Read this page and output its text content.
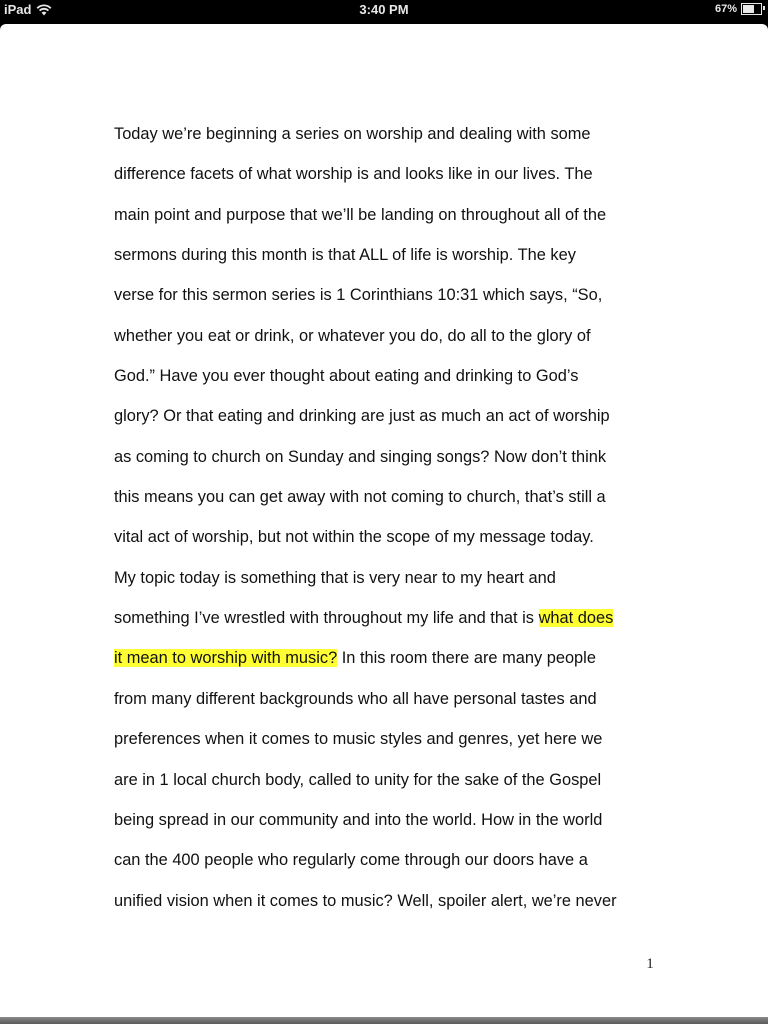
iPad	3:40 PM	67%
Today we’re beginning a series on worship and dealing with some
difference facets of what worship is and looks like in our lives. The
main point and purpose that we’ll be landing on throughout all of the
sermons during this month is that ALL of life is worship. The key
verse for this sermon series is 1 Corinthians 10:31 which says, “So,
whether you eat or drink, or whatever you do, do all to the glory of
God.” Have you ever thought about eating and drinking to God’s
glory? Or that eating and drinking are just as much an act of worship
as coming to church on Sunday and singing songs? Now don’t think
this means you can get away with not coming to church, that’s still a
vital act of worship, but not within the scope of my message today.
My topic today is something that is very near to my heart and
something I’ve wrestled with throughout my life and that is what does
it mean to worship with music? In this room there are many people
from many different backgrounds who all have personal tastes and
preferences when it comes to music styles and genres, yet here we
are in 1 local church body, called to unity for the sake of the Gospel
being spread in our community and into the world. How in the world
can the 400 people who regularly come through our doors have a
unified vision when it comes to music? Well, spoiler alert, we’re never
1
